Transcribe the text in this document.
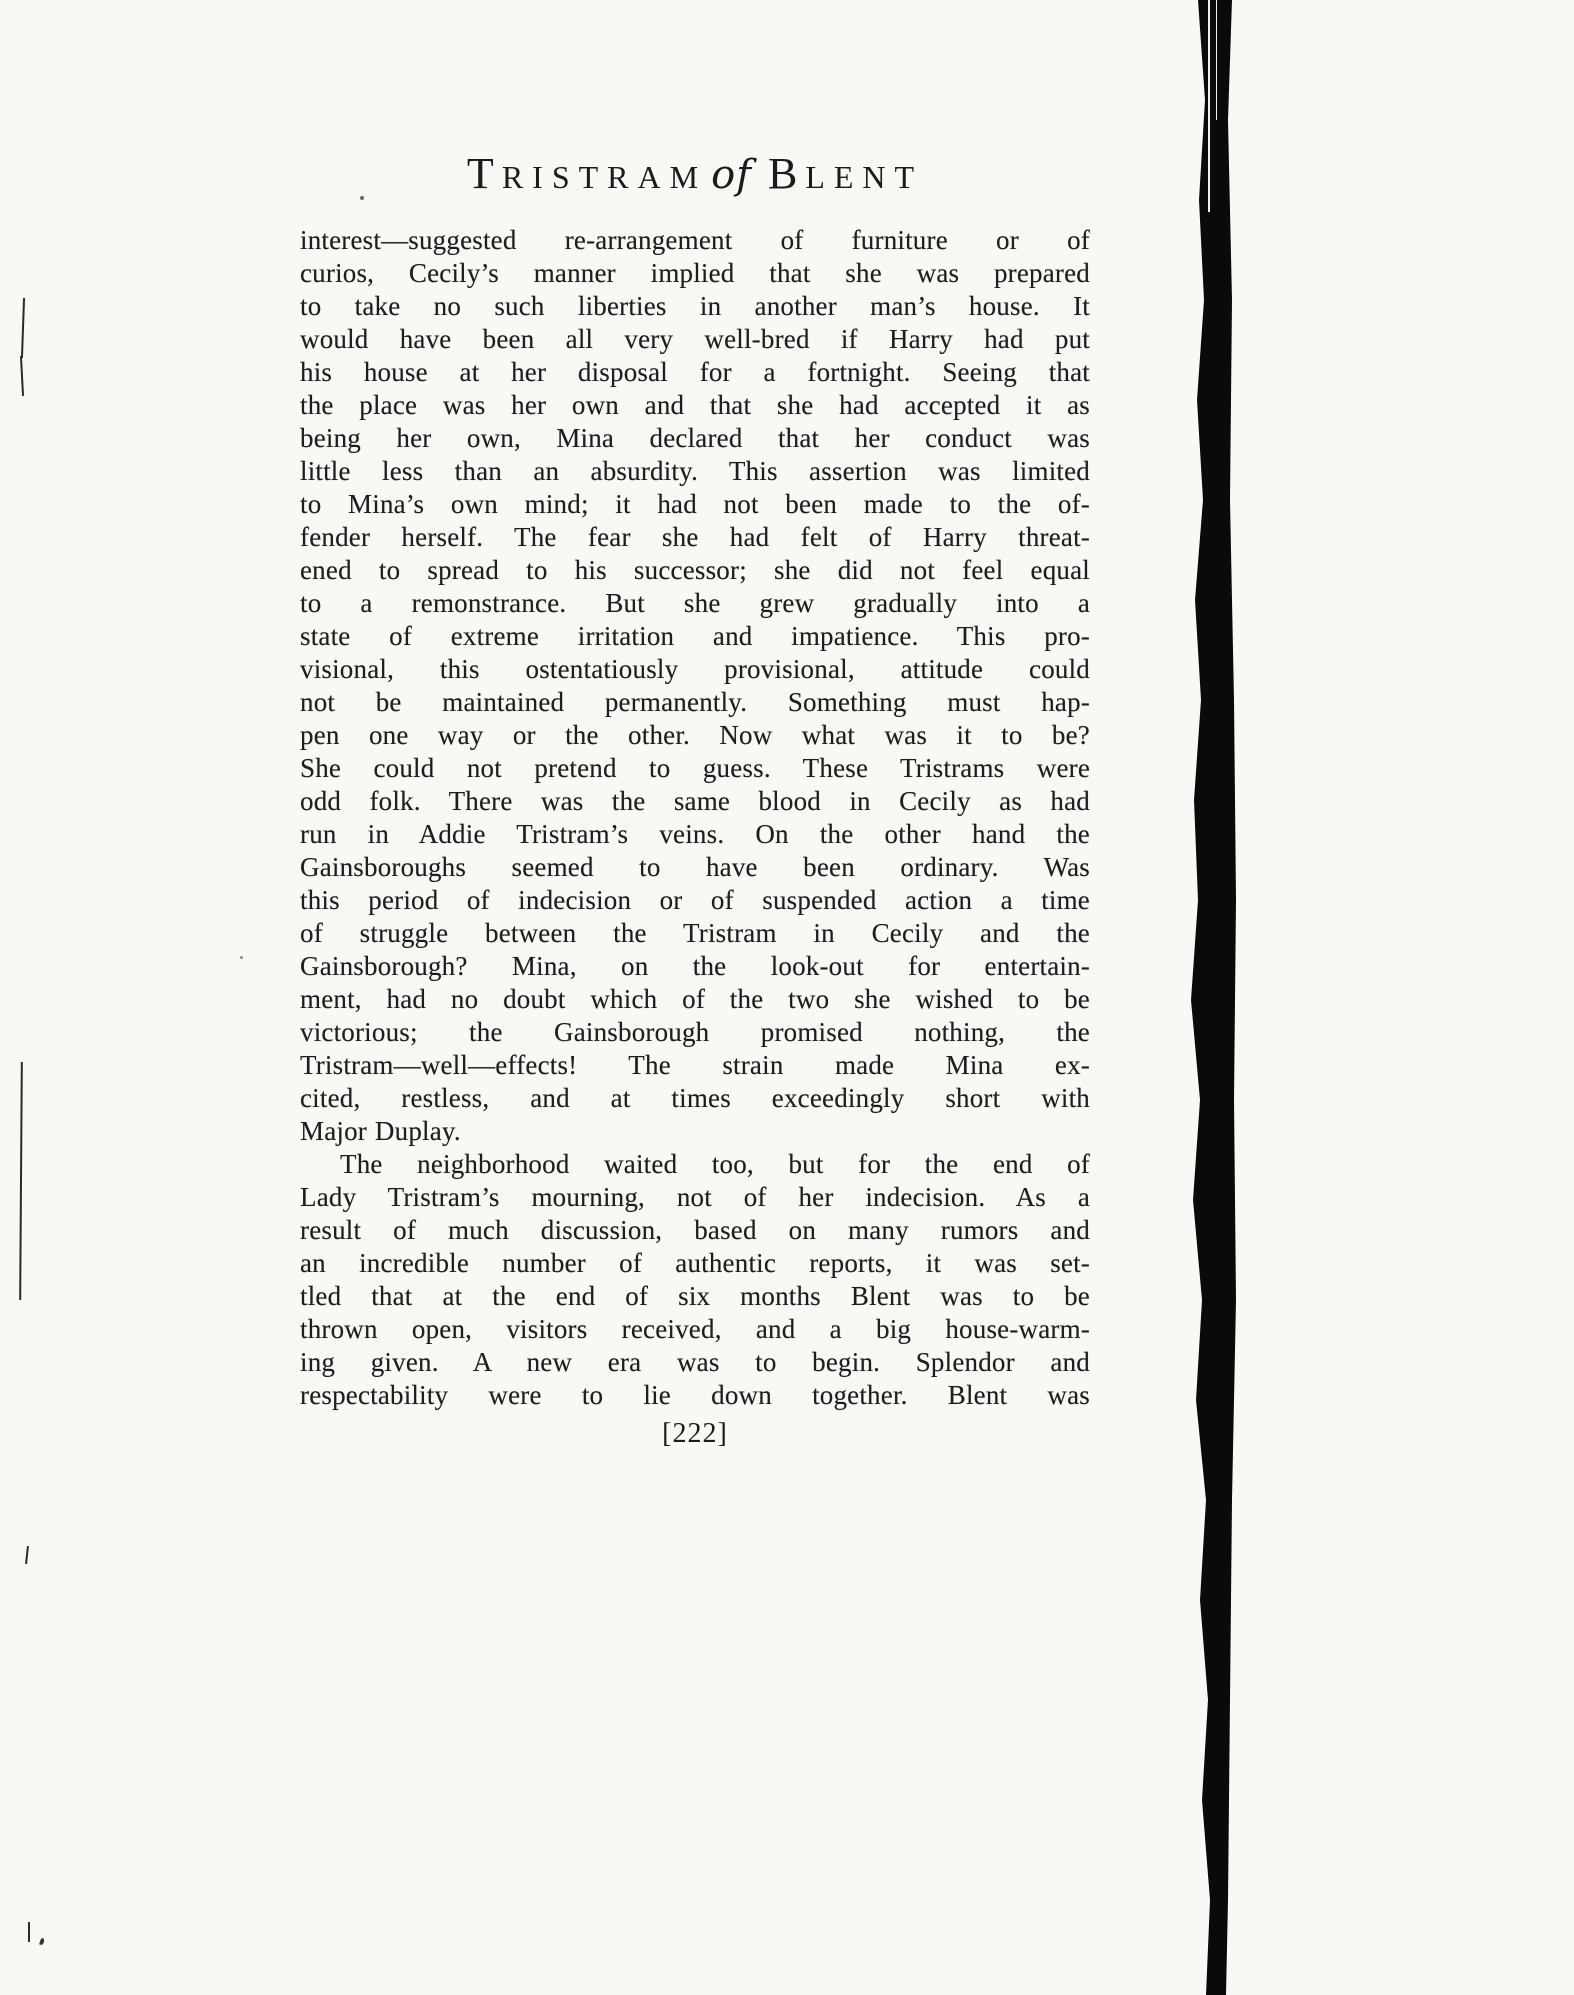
TRISTRAM of BLENT
interest—suggested re-arrangement of furniture or of
curios, Cecily’s manner implied that she was prepared
to take no such liberties in another man’s house. It
would have been all very well-bred if Harry had put
his house at her disposal for a fortnight. Seeing that
the place was her own and that she had accepted it as
being her own, Mina declared that her conduct was
little less than an absurdity. This assertion was limited
to Mina’s own mind; it had not been made to the of-
fender herself. The fear she had felt of Harry threat-
ened to spread to his successor; she did not feel equal
to a remonstrance. But she grew gradually into a
state of extreme irritation and impatience. This pro-
visional, this ostentatiously provisional, attitude could
not be maintained permanently. Something must hap-
pen one way or the other. Now what was it to be?
She could not pretend to guess. These Tristrams were
odd folk. There was the same blood in Cecily as had
run in Addie Tristram’s veins. On the other hand the
Gainsboroughs seemed to have been ordinary. Was
this period of indecision or of suspended action a time
of struggle between the Tristram in Cecily and the
Gainsborough? Mina, on the look-out for entertain-
ment, had no doubt which of the two she wished to be
victorious; the Gainsborough promised nothing, the
Tristram—well—effects! The strain made Mina ex-
cited, restless, and at times exceedingly short with
Major Duplay.
The neighborhood waited too, but for the end of
Lady Tristram’s mourning, not of her indecision. As a
result of much discussion, based on many rumors and
an incredible number of authentic reports, it was set-
tled that at the end of six months Blent was to be
thrown open, visitors received, and a big house-warm-
ing given. A new era was to begin. Splendor and
respectability were to lie down together. Blent was
[222]
